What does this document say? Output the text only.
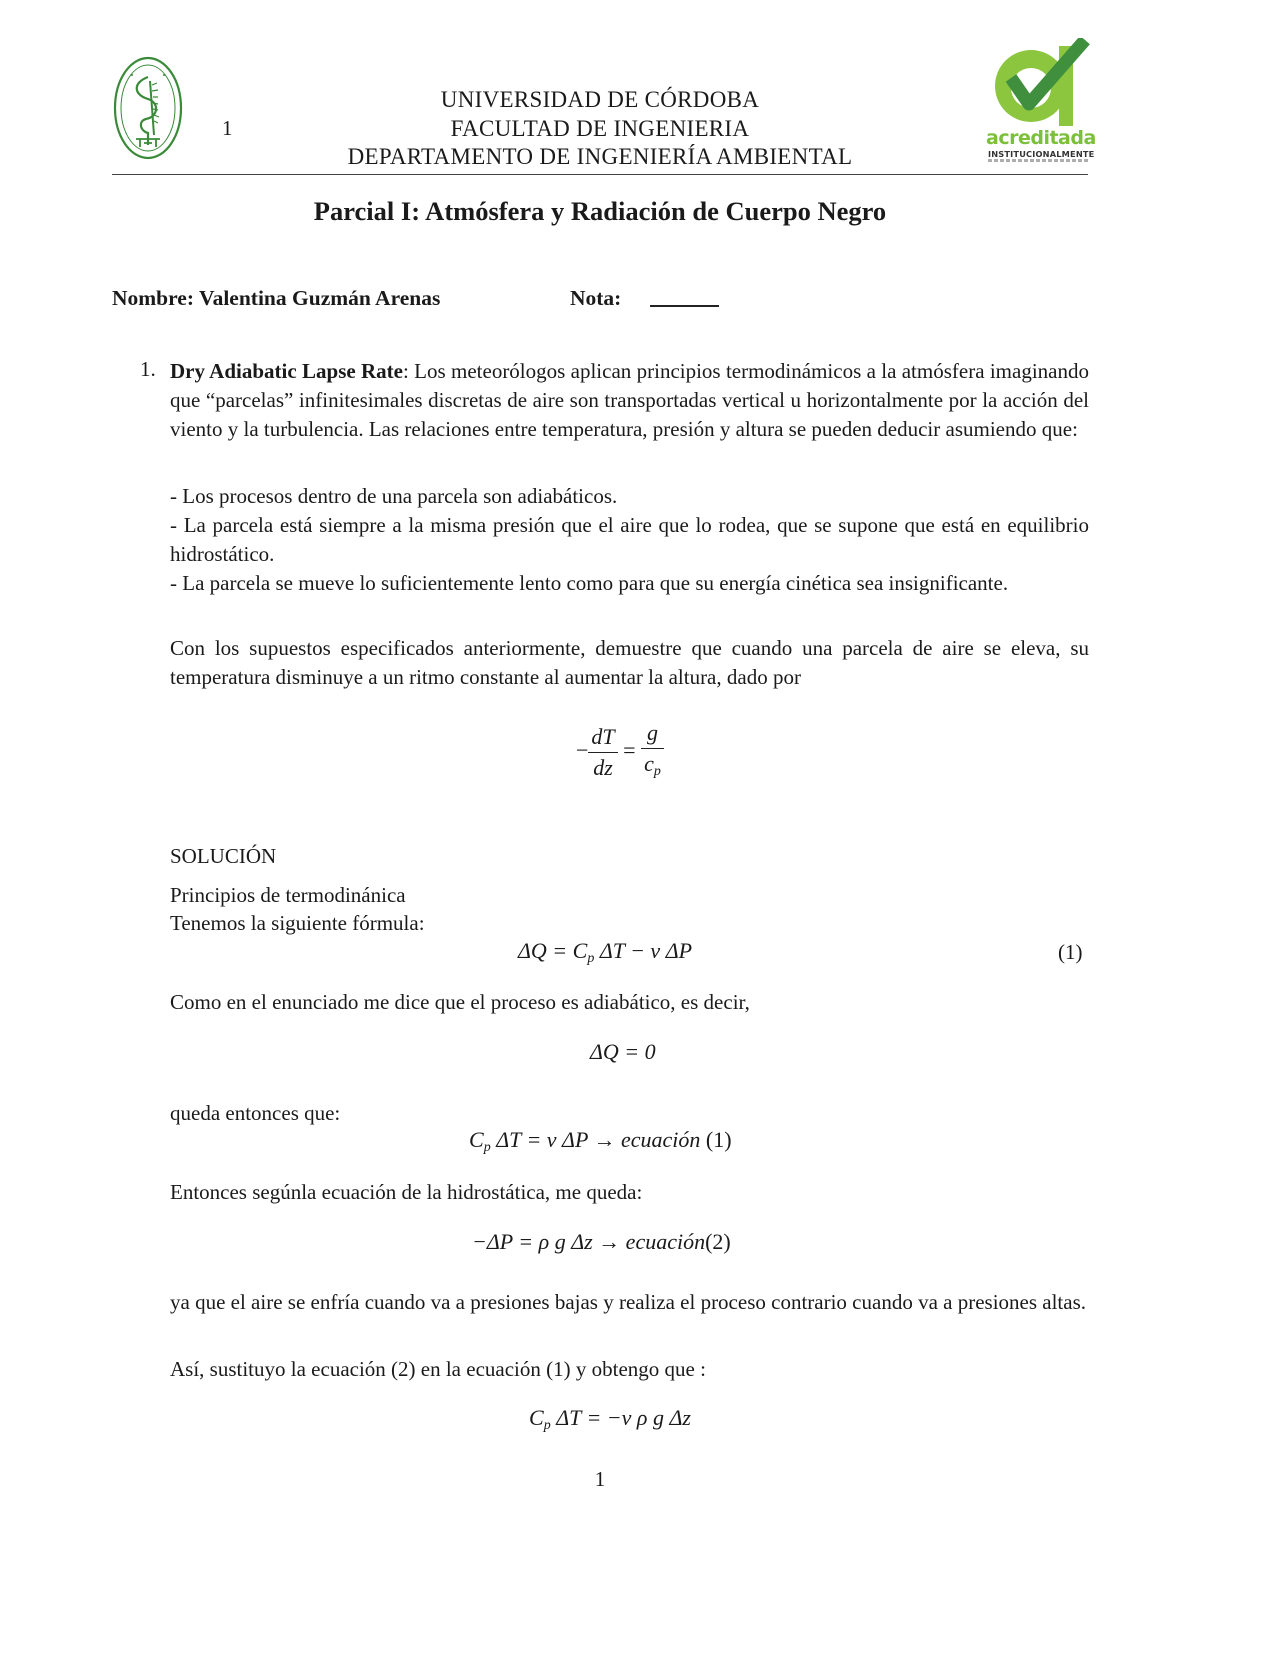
1
UNIVERSIDAD DE CÓRDOBA
FACULTAD DE INGENIERIA
DEPARTAMENTO DE INGENIERÍA AMBIENTAL
acreditada
INSTITUCIONALMENTE
Parcial I: Atmósfera y Radiación de Cuerpo Negro
Nombre: Valentina Guzmán Arenas	Nota:
1. Dry Adiabatic Lapse Rate: Los meteorólogos aplican principios termodinámicos a la atmósfera imaginando que “parcelas” infinitesimales discretas de aire son transportadas vertical u horizontalmente por la acción del viento y la turbulencia. Las relaciones entre temperatura, presión y altura se pueden deducir asumiendo que:
- Los procesos dentro de una parcela son adiabáticos.
- La parcela está siempre a la misma presión que el aire que lo rodea, que se supone que está en equilibrio hidrostático.
- La parcela se mueve lo suficientemente lento como para que su energía cinética sea insignificante.
Con los supuestos especificados anteriormente, demuestre que cuando una parcela de aire se eleva, su temperatura disminuye a un ritmo constante al aumentar la altura, dado por
− $\frac{dT}{dz} = \frac{g}{c_p}$
SOLUCIÓN
Principios de termodinánica
Tenemos la siguiente fórmula:
$\Delta Q = C_p$ ΔT − v ΔP	(1)
Como en el enunciado me dice que el proceso es adiabático, es decir,
ΔQ = 0
queda entonces que:
$C_p$ ΔT = v ΔP → ecuación (1)
Entonces segúnla ecuación de la hidrostática, me queda:
−ΔP = ρ g Δz → ecuación(2)
ya que el aire se enfría cuando va a presiones bajas y realiza el proceso contrario cuando va a presiones altas.
Así, sustituyo la ecuación (2) en la ecuación (1) y obtengo que :
$C_p$ ΔT = −v ρ g Δz
1
